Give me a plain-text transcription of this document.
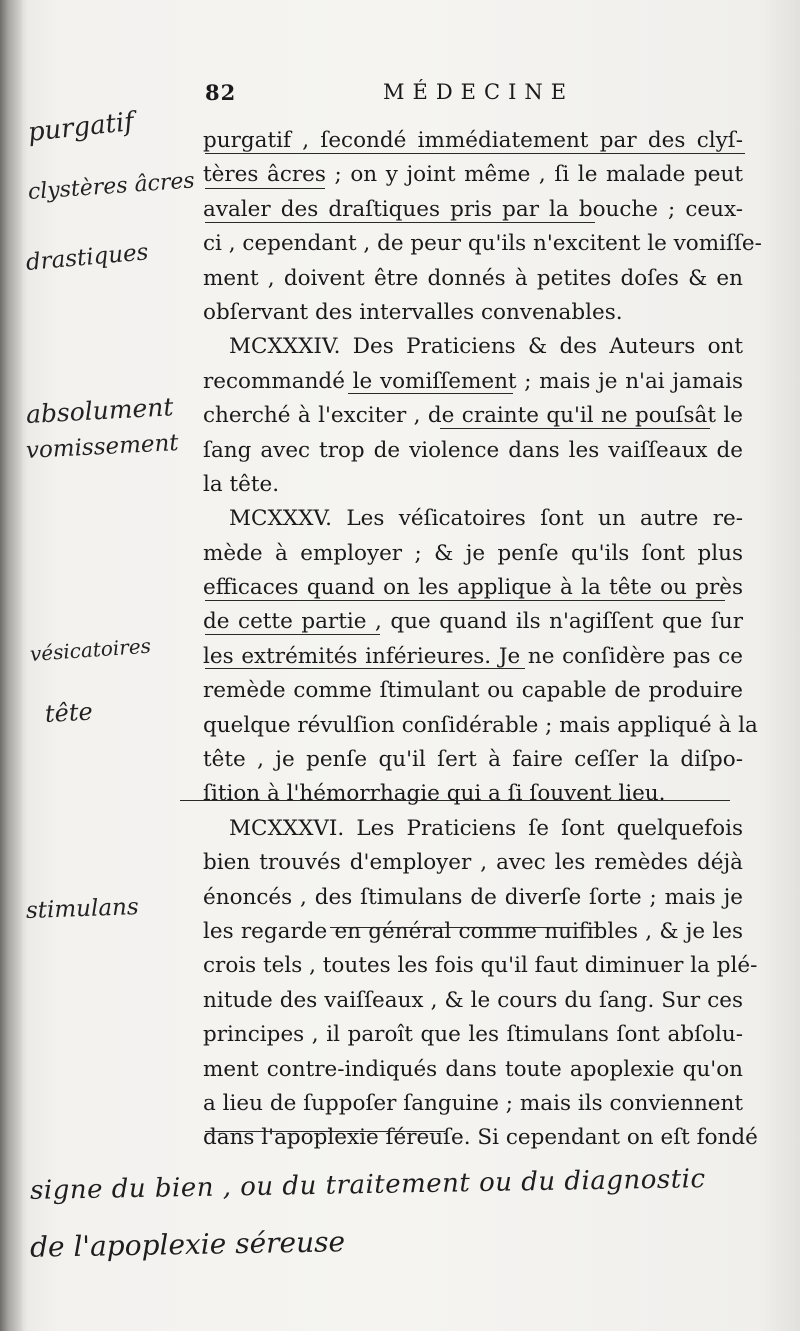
82	MÉDECINE
purgatif , ſecondé immédiatement par des clyſ-
tères âcres ; on y joint même , ſi le malade peut
avaler des draſtiques pris par la bouche ; ceux-
ci , cependant , de peur qu'ils n'excitent le vomiſſe-
ment , doivent être donnés à petites doſes & en
obſervant des intervalles convenables.
MCXXXIV. Des Praticiens & des Auteurs ont
recommandé le vomiſſement ; mais je n'ai jamais
cherché à l'exciter , de crainte qu'il ne pouſsât le
ſang avec trop de violence dans les vaiſſeaux de
la tête.
MCXXXV. Les véſicatoires ſont un autre re-
mède à employer ; & je penſe qu'ils ſont plus
efficaces quand on les applique à la tête ou près
de cette partie , que quand ils n'agiſſent que ſur
les extrémités inférieures. Je ne conſidère pas ce
remède comme ſtimulant ou capable de produire
quelque révulſion conſidérable ; mais appliqué à la
tête , je penſe qu'il ſert à faire ceſſer la diſpo-
ſition à l'hémorrhagie qui a ſi ſouvent lieu.
MCXXXVI. Les Praticiens ſe ſont quelquefois
bien trouvés d'employer , avec les remèdes déjà
énoncés , des ſtimulans de diverſe ſorte ; mais je
les regarde en général comme nuiſibles , & je les
crois tels , toutes les fois qu'il faut diminuer la plé-
nitude des vaiſſeaux , & le cours du ſang. Sur ces
principes , il paroît que les ſtimulans ſont abſolu-
ment contre-indiqués dans toute apoplexie qu'on
a lieu de ſuppoſer ſanguine ; mais ils conviennent
dans l'apoplexie ſéreuſe. Si cependant on eſt fondé
purgatif
clystères âcres
drastiques
absolument
vomissement
vésicatoires
tête
stimulans
signe du bien , ou du traitement ou du diagnostic
de l'apoplexie séreuse
